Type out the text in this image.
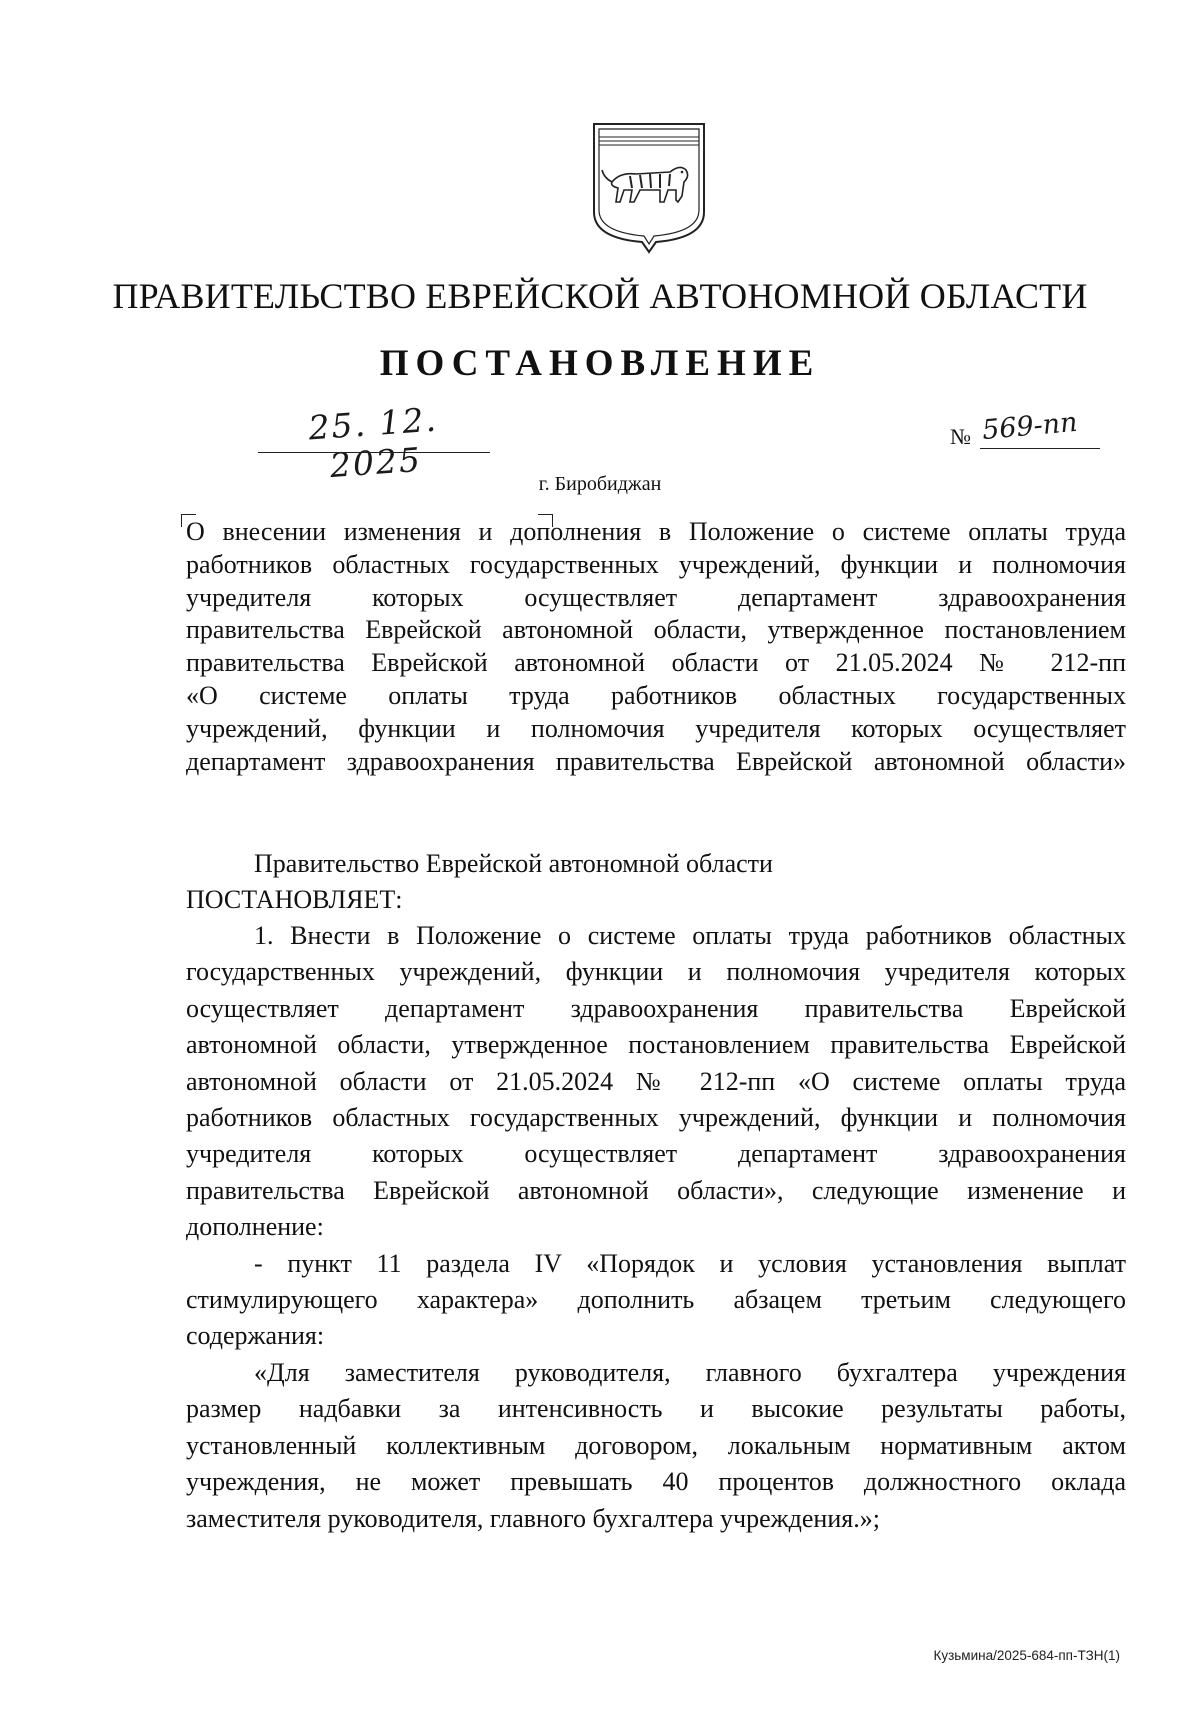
ПРАВИТЕЛЬСТВО ЕВРЕЙСКОЙ АВТОНОМНОЙ ОБЛАСТИ
ПОСТАНОВЛЕНИЕ
25. 12. 2025
№ 569-пп
г. Биробиджан
О внесении изменения и дополнения в Положение о системе оплаты труда
работников областных государственных учреждений, функции и полномочия
учредителя которых осуществляет департамент здравоохранения
правительства Еврейской автономной области, утвержденное постановлением
правительства Еврейской автономной области от 21.05.2024 № 212-пп
«О системе оплаты труда работников областных государственных
учреждений, функции и полномочия учредителя которых осуществляет
департамент здравоохранения правительства Еврейской автономной области»
Правительство Еврейской автономной области
ПОСТАНОВЛЯЕТ:
1. Внести в Положение о системе оплаты труда работников областных
государственных учреждений, функции и полномочия учредителя которых
осуществляет департамент здравоохранения правительства Еврейской
автономной области, утвержденное постановлением правительства Еврейской
автономной области от 21.05.2024 № 212-пп «О системе оплаты труда
работников областных государственных учреждений, функции и полномочия
учредителя которых осуществляет департамент здравоохранения
правительства Еврейской автономной области», следующие изменение и
дополнение:
- пункт 11 раздела IV «Порядок и условия установления выплат
стимулирующего характера» дополнить абзацем третьим следующего
содержания:
«Для заместителя руководителя, главного бухгалтера учреждения
размер надбавки за интенсивность и высокие результаты работы,
установленный коллективным договором, локальным нормативным актом
учреждения, не может превышать 40 процентов должностного оклада
заместителя руководителя, главного бухгалтера учреждения.»;
Кузьмина/2025-684-пп-ТЗН(1)
